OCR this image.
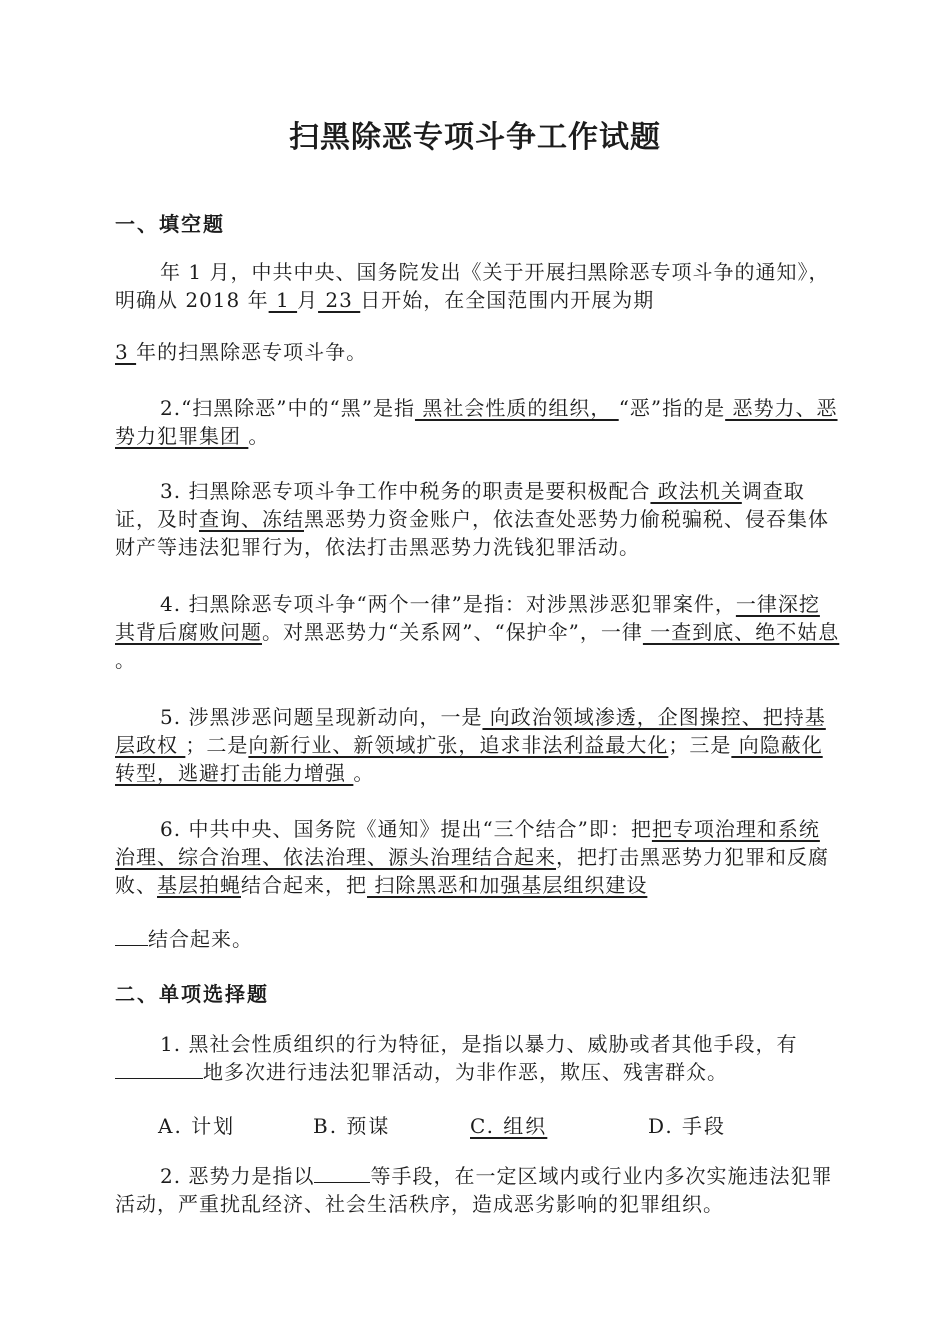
扫黑除恶专项斗争工作试题
一、填空题

年 1 月，中共中央、国务院发出《关于开展扫黑除恶专项斗争的通知》，
明确从 2018 年 1 月 23 日开始，在全国范围内开展为期

3 年的扫黑除恶专项斗争。

2.“扫黑除恶”中的“黑”是指 黑社会性质的组织， “恶”指的是 恶势力、恶势力犯罪集团 。

3. 扫黑除恶专项斗争工作中税务的职责是要积极配合 政法机关调查取证，及时查询、冻结黑恶势力资金账户，依法查处恶势力偷税骗税、侵吞集体财产等违法犯罪行为，依法打击黑恶势力洗钱犯罪活动。

4. 扫黑除恶专项斗争“两个一律”是指：对涉黑涉恶犯罪案件，一律深挖其背后腐败问题。对黑恶势力“关系网”、“保护伞”，一律 一查到底、绝不姑息 。

5. 涉黑涉恶问题呈现新动向，一是 向政治领域渗透，企图操控、把持基层政权 ；二是向新行业、新领域扩张，追求非法利益最大化；三是 向隐蔽化转型，逃避打击能力增强 。

6. 中共中央、国务院《通知》提出“三个结合”即：把把专项治理和系统治理、综合治理、依法治理、源头治理结合起来，把打击黑恶势力犯罪和反腐败、基层拍蝇结合起来，把 扫除黑恶和加强基层组织建设

结合起来。

二、单项选择题

1. 黑社会性质组织的行为特征，是指以暴力、威胁或者其他手段，有地多次进行违法犯罪活动，为非作恶，欺压、残害群众。

A. 计划	B. 预谋	C. 组织	D. 手段

2. 恶势力是指以	等手段，在一定区域内或行业内多次实施违法犯罪活动，严重扰乱经济、社会生活秩序，造成恶劣影响的犯罪组织。
